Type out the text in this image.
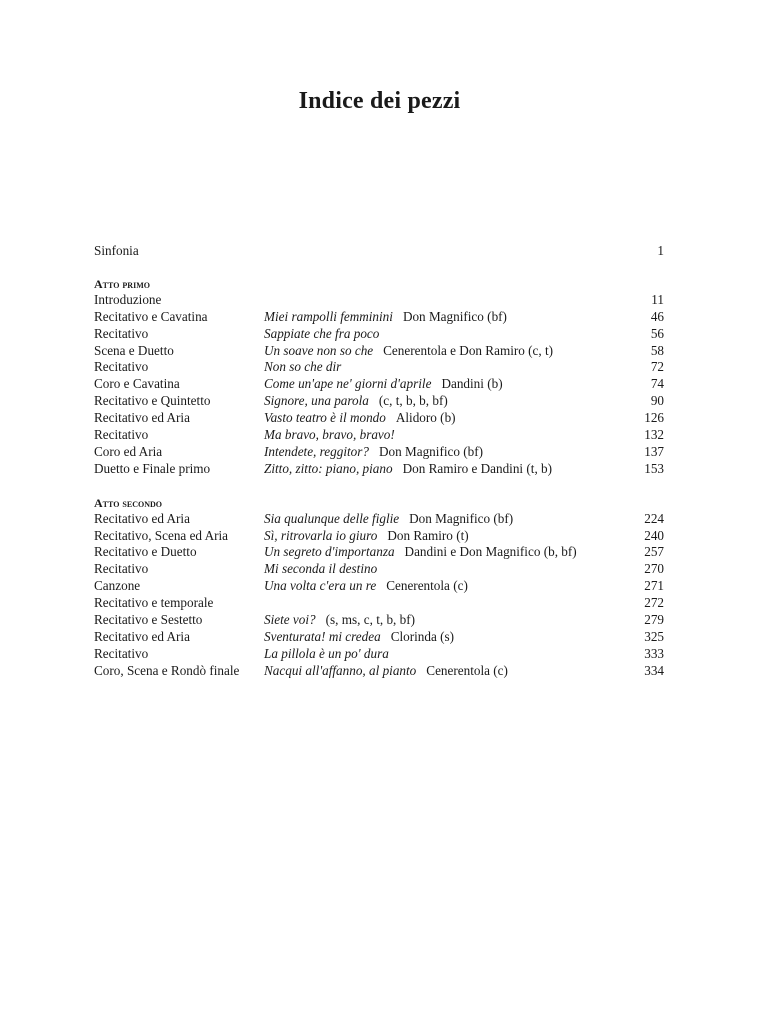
Indice dei pezzi
Sinfonia	1
Atto primo
Introduzione	11
Recitativo e Cavatina	Miei rampolli femminini Don Magnifico (bf)	46
Recitativo	Sappiate che fra poco	56
Scena e Duetto	Un soave non so che Cenerentola e Don Ramiro (c, t)	58
Recitativo	Non so che dir	72
Coro e Cavatina	Come un'ape ne' giorni d'aprile Dandini (b)	74
Recitativo e Quintetto	Signore, una parola (c, t, b, b, bf)	90
Recitativo ed Aria	Vasto teatro è il mondo Alidoro (b)	126
Recitativo	Ma bravo, bravo, bravo!	132
Coro ed Aria	Intendete, reggitor? Don Magnifico (bf)	137
Duetto e Finale primo	Zitto, zitto: piano, piano Don Ramiro e Dandini (t, b)	153
Atto secondo
Recitativo ed Aria	Sia qualunque delle figlie Don Magnifico (bf)	224
Recitativo, Scena ed Aria	Sì, ritrovarla io giuro Don Ramiro (t)	240
Recitativo e Duetto	Un segreto d'importanza Dandini e Don Magnifico (b, bf)	257
Recitativo	Mi seconda il destino	270
Canzone	Una volta c'era un re Cenerentola (c)	271
Recitativo e temporale	272
Recitativo e Sestetto	Siete voi? (s, ms, c, t, b, bf)	279
Recitativo ed Aria	Sventurata! mi credea Clorinda (s)	325
Recitativo	La pillola è un po' dura	333
Coro, Scena e Rondò finale	Nacqui all'affanno, al pianto Cenerentola (c)	334
